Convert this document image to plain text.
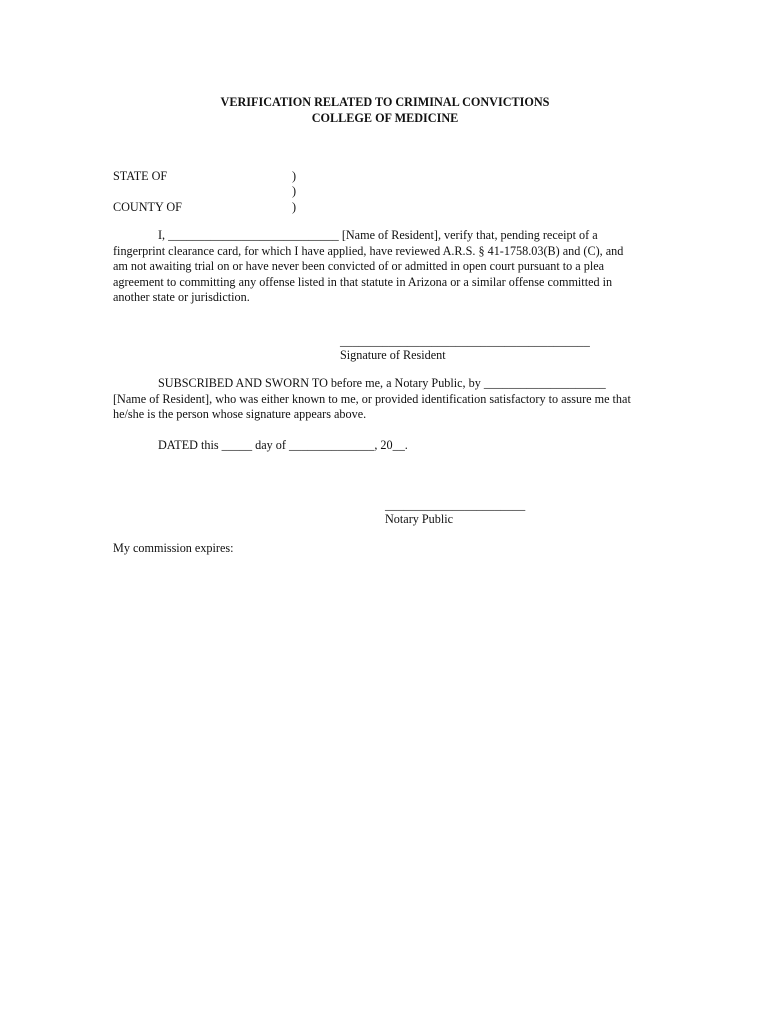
VERIFICATION RELATED TO CRIMINAL CONVICTIONS
COLLEGE OF MEDICINE
STATE OF	)
)
COUNTY OF	)
I, ____________________________ [Name of Resident], verify that, pending receipt of a
fingerprint clearance card, for which I have applied, have reviewed A.R.S. § 41-1758.03(B) and (C), and
am not awaiting trial on or have never been convicted of or admitted in open court pursuant to a plea
agreement to committing any offense listed in that statute in Arizona or a similar offense committed in
another state or jurisdiction.
_________________________________________
Signature of Resident
SUBSCRIBED AND SWORN TO before me, a Notary Public, by ____________________
[Name of Resident], who was either known to me, or provided identification satisfactory to assure me that
he/she is the person whose signature appears above.
DATED this _____ day of ______________, 20__.
_______________________
Notary Public
My commission expires:
